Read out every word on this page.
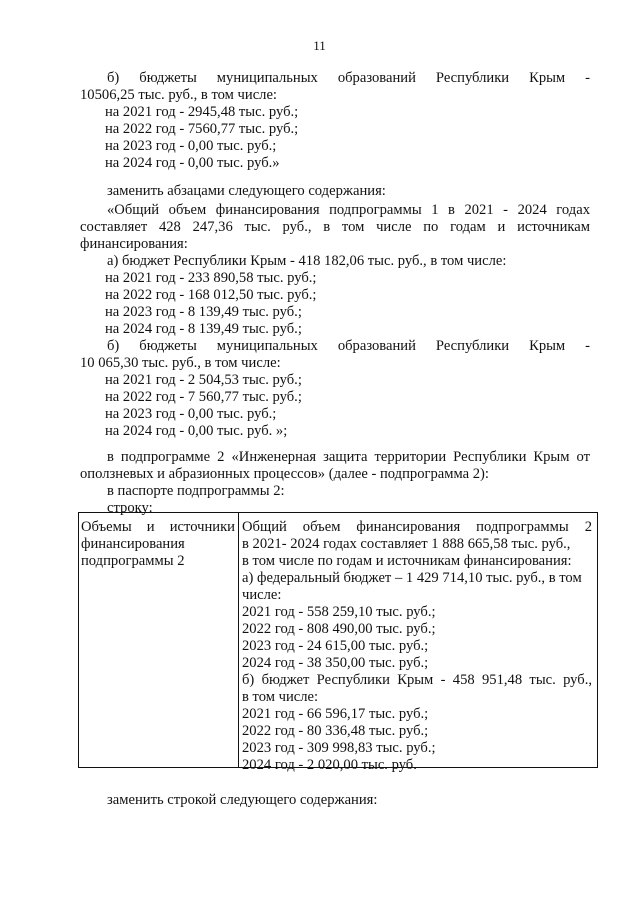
11
б) бюджеты муниципальных образований Республики Крым -
10506,25 тыс. руб., в том числе:
на 2021 год - 2945,48 тыс. руб.;
на 2022 год - 7560,77 тыс. руб.;
на 2023 год - 0,00 тыс. руб.;
на 2024 год - 0,00 тыс. руб.»
заменить абзацами следующего содержания:
«Общий объем финансирования подпрограммы 1 в 2021 - 2024 годах
составляет 428 247,36 тыс. руб., в том числе по годам и источникам
финансирования:
а) бюджет Республики Крым - 418 182,06 тыс. руб., в том числе:
на 2021 год - 233 890,58 тыс. руб.;
на 2022 год - 168 012,50 тыс. руб.;
на 2023 год - 8 139,49 тыс. руб.;
на 2024 год - 8 139,49 тыс. руб.;
б) бюджеты муниципальных образований Республики Крым -
10 065,30 тыс. руб., в том числе:
на 2021 год - 2 504,53 тыс. руб.;
на 2022 год - 7 560,77 тыс. руб.;
на 2023 год - 0,00 тыс. руб.;
на 2024 год - 0,00 тыс. руб. »;
в подпрограмме 2 «Инженерная защита территории Республики Крым от
оползневых и абразионных процессов» (далее - подпрограмма 2):
в паспорте подпрограммы 2:
строку:
Объемы и источники
финансирования
подпрограммы 2
Общий объем финансирования подпрограммы 2
в 2021- 2024 годах составляет 1 888 665,58 тыс. руб.,
в том числе по годам и источникам финансирования:
а) федеральный бюджет – 1 429 714,10 тыс. руб., в том
числе:
2021 год - 558 259,10 тыс. руб.;
2022 год - 808 490,00 тыс. руб.;
2023 год - 24 615,00 тыс. руб.;
2024 год - 38 350,00 тыс. руб.;
б) бюджет Республики Крым - 458 951,48 тыс. руб.,
в том числе:
2021 год - 66 596,17 тыс. руб.;
2022 год - 80 336,48 тыс. руб.;
2023 год - 309 998,83 тыс. руб.;
2024 год - 2 020,00 тыс. руб.
заменить строкой следующего содержания:
